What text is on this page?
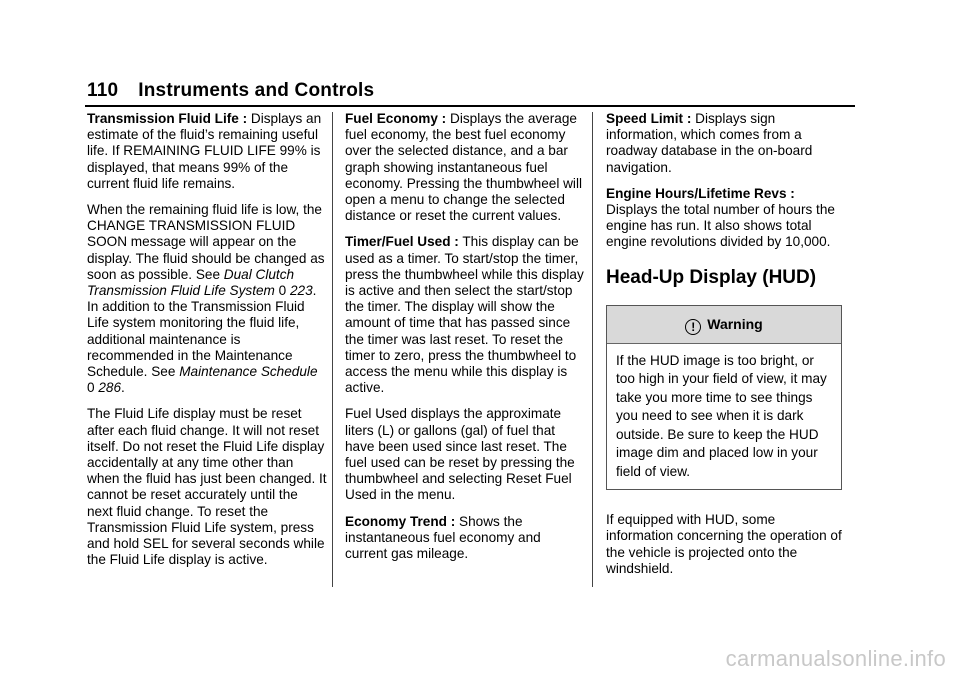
110 Instruments and Controls

Transmission Fluid Life : Displays an estimate of the fluid’s remaining useful life. If REMAINING FLUID LIFE 99% is displayed, that means 99% of the current fluid life remains.

When the remaining fluid life is low, the CHANGE TRANSMISSION FLUID SOON message will appear on the display. The fluid should be changed as soon as possible. See Dual Clutch Transmission Fluid Life System 0 223. In addition to the Transmission Fluid Life system monitoring the fluid life, additional maintenance is recommended in the Maintenance Schedule. See Maintenance Schedule 0 286.

The Fluid Life display must be reset after each fluid change. It will not reset itself. Do not reset the Fluid Life display accidentally at any time other than when the fluid has just been changed. It cannot be reset accurately until the next fluid change. To reset the Transmission Fluid Life system, press and hold SEL for several seconds while the Fluid Life display is active.

Fuel Economy : Displays the average fuel economy, the best fuel economy over the selected distance, and a bar graph showing instantaneous fuel economy. Pressing the thumbwheel will open a menu to change the selected distance or reset the current values.

Timer/Fuel Used : This display can be used as a timer. To start/stop the timer, press the thumbwheel while this display is active and then select the start/stop the timer. The display will show the amount of time that has passed since the timer was last reset. To reset the timer to zero, press the thumbwheel to access the menu while this display is active.

Fuel Used displays the approximate liters (L) or gallons (gal) of fuel that have been used since last reset. The fuel used can be reset by pressing the thumbwheel and selecting Reset Fuel Used in the menu.

Economy Trend : Shows the instantaneous fuel economy and current gas mileage.

Speed Limit : Displays sign information, which comes from a roadway database in the on-board navigation.

Engine Hours/Lifetime Revs :
Displays the total number of hours the engine has run. It also shows total engine revolutions divided by 10,000.

Head-Up Display (HUD)
! Warning
If the HUD image is too bright, or too high in your field of view, it may take you more time to see things you need to see when it is dark outside. Be sure to keep the HUD image dim and placed low in your field of view.

If equipped with HUD, some information concerning the operation of the vehicle is projected onto the windshield.

carmanualsonline.info
